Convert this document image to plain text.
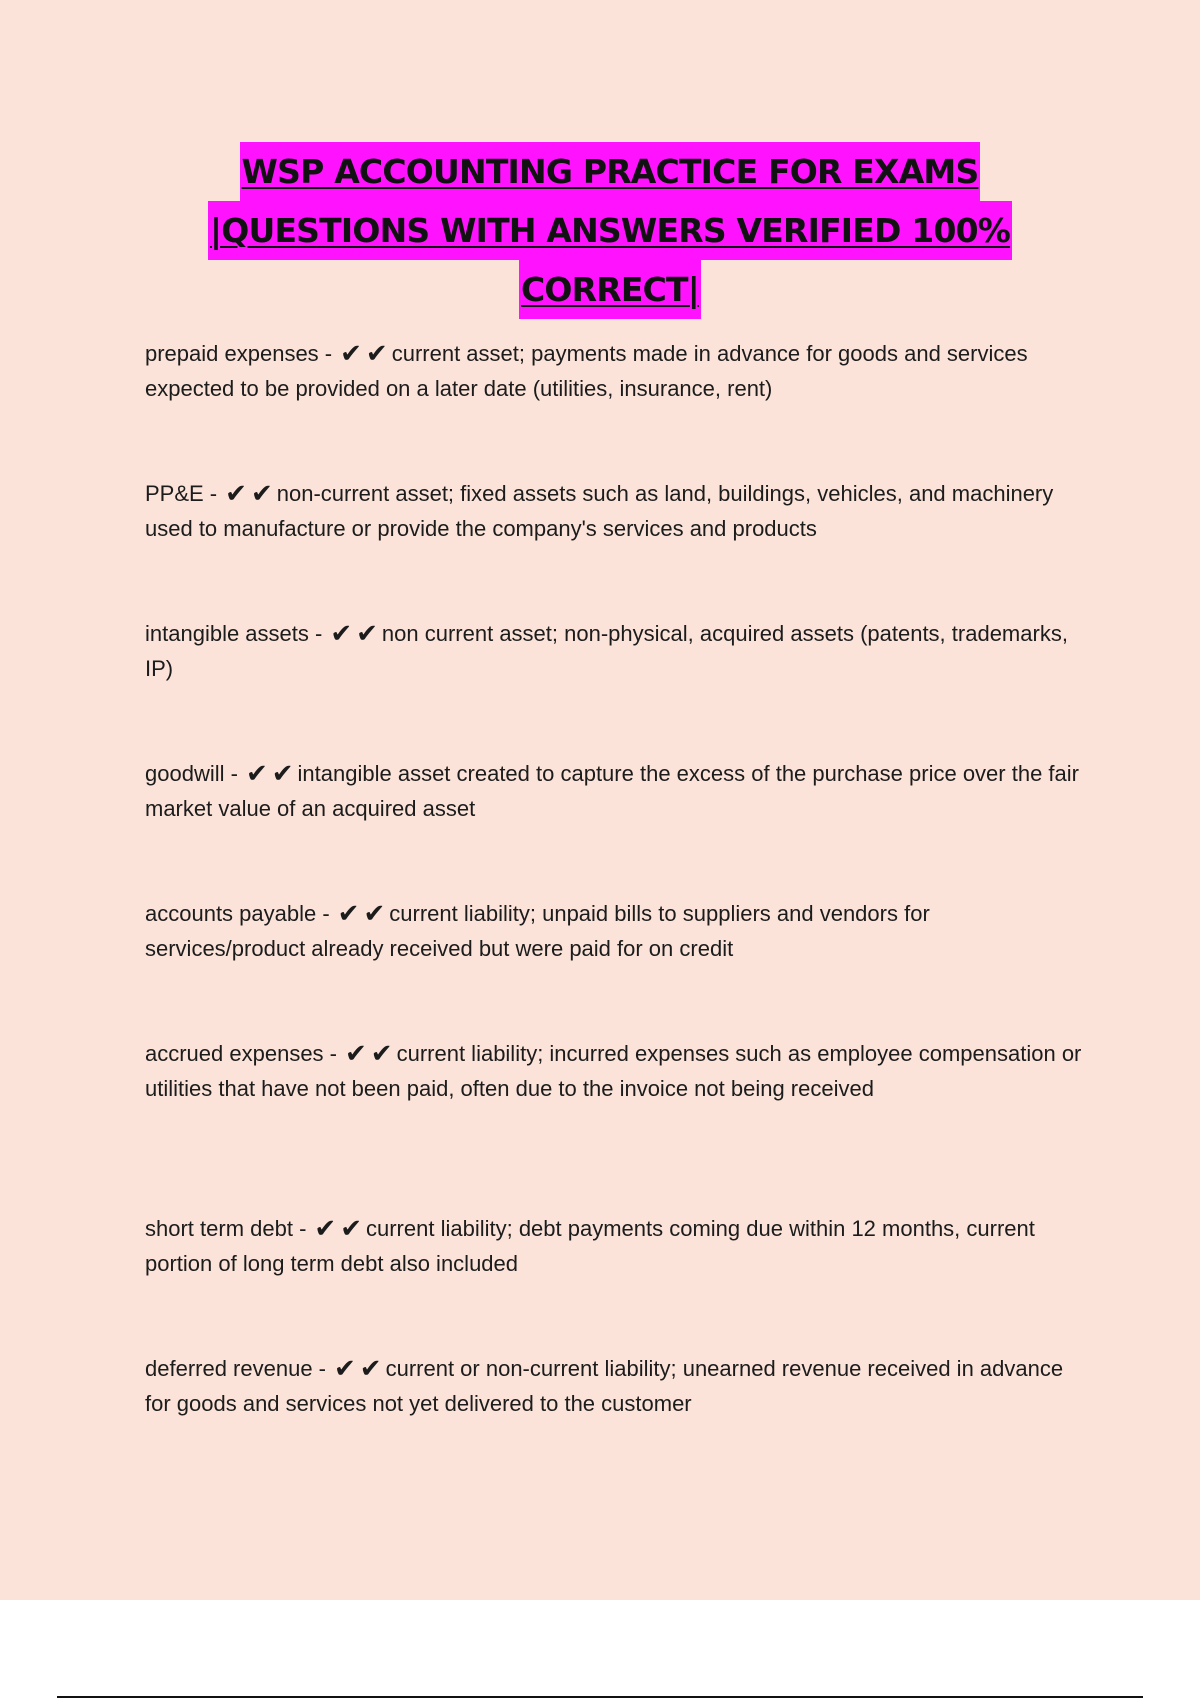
WSP ACCOUNTING PRACTICE FOR EXAMS
|QUESTIONS WITH ANSWERS VERIFIED 100%
CORRECT|
prepaid expenses - ✔ ✔ current asset; payments made in advance for goods and services expected to be provided on a later date (utilities, insurance, rent)
PP&E - ✔ ✔ non-current asset; fixed assets such as land, buildings, vehicles, and machinery used to manufacture or provide the company's services and products
intangible assets - ✔ ✔ non current asset; non-physical, acquired assets (patents, trademarks, IP)
goodwill - ✔ ✔ intangible asset created to capture the excess of the purchase price over the fair market value of an acquired asset
accounts payable - ✔ ✔ current liability; unpaid bills to suppliers and vendors for services/product already received but were paid for on credit
accrued expenses - ✔ ✔ current liability; incurred expenses such as employee compensation or utilities that have not been paid, often due to the invoice not being received
short term debt - ✔ ✔ current liability; debt payments coming due within 12 months, current portion of long term debt also included
deferred revenue - ✔ ✔ current or non-current liability; unearned revenue received in advance for goods and services not yet delivered to the customer
